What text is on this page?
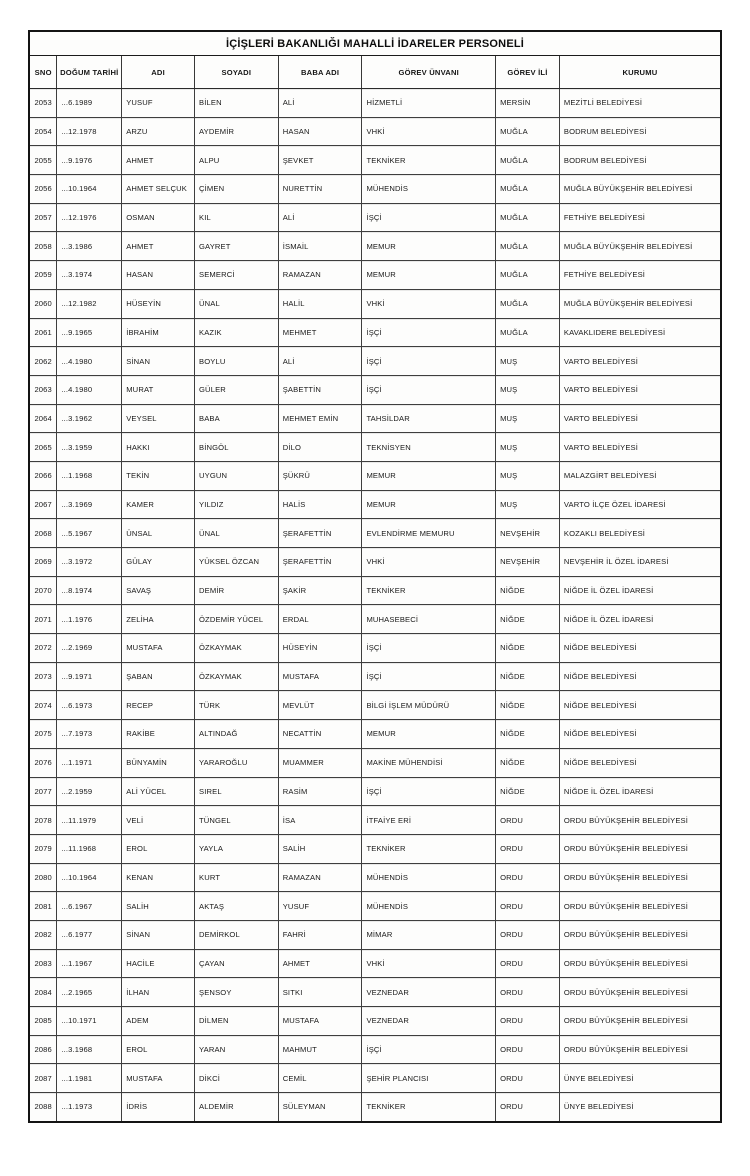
İÇİŞLERİ BAKANLIĞI MAHALLİ İDARELER PERSONELİ							
SNO	DOĞUM TARİHİ	ADI	SOYADI	BABA ADI	GÖREV ÜNVANI	GÖREV İLİ	KURUMU
2053	...6.1989	YUSUF	BİLEN	ALİ	HİZMETLİ	MERSİN	MEZİTLİ BELEDİYESİ
2054	...12.1978	ARZU	AYDEMİR	HASAN	VHKİ	MUĞLA	BODRUM BELEDİYESİ
2055	...9.1976	AHMET	ALPU	ŞEVKET	TEKNİKER	MUĞLA	BODRUM BELEDİYESİ
2056	...10.1964	AHMET SELÇUK	ÇİMEN	NURETTİN	MÜHENDİS	MUĞLA	MUĞLA BÜYÜKŞEHİR BELEDİYESİ
2057	...12.1976	OSMAN	KIL	ALİ	İŞÇİ	MUĞLA	FETHİYE BELEDİYESİ
2058	...3.1986	AHMET	GAYRET	İSMAİL	MEMUR	MUĞLA	MUĞLA BÜYÜKŞEHİR BELEDİYESİ
2059	...3.1974	HASAN	SEMERCİ	RAMAZAN	MEMUR	MUĞLA	FETHİYE BELEDİYESİ
2060	...12.1982	HÜSEYİN	ÜNAL	HALİL	VHKİ	MUĞLA	MUĞLA BÜYÜKŞEHİR BELEDİYESİ
2061	...9.1965	İBRAHİM	KAZIK	MEHMET	İŞÇİ	MUĞLA	KAVAKLIDERE BELEDİYESİ
2062	...4.1980	SİNAN	BOYLU	ALİ	İŞÇİ	MUŞ	VARTO BELEDİYESİ
2063	...4.1980	MURAT	GÜLER	ŞABETTİN	İŞÇİ	MUŞ	VARTO BELEDİYESİ
2064	...3.1962	VEYSEL	BABA	MEHMET EMİN	TAHSİLDAR	MUŞ	VARTO BELEDİYESİ
2065	...3.1959	HAKKI	BİNGÖL	DİLO	TEKNİSYEN	MUŞ	VARTO BELEDİYESİ
2066	...1.1968	TEKİN	UYGUN	ŞÜKRÜ	MEMUR	MUŞ	MALAZGİRT BELEDİYESİ
2067	...3.1969	KAMER	YILDIZ	HALİS	MEMUR	MUŞ	VARTO İLÇE ÖZEL İDARESİ
2068	...5.1967	ÜNSAL	ÜNAL	ŞERAFETTİN	EVLENDİRME MEMURU	NEVŞEHİR	KOZAKLI BELEDİYESİ
2069	...3.1972	GÜLAY	YÜKSEL ÖZCAN	ŞERAFETTİN	VHKİ	NEVŞEHİR	NEVŞEHİR İL ÖZEL İDARESİ
2070	...8.1974	SAVAŞ	DEMİR	ŞAKİR	TEKNİKER	NİĞDE	NİĞDE İL ÖZEL İDARESİ
2071	...1.1976	ZELİHA	ÖZDEMİR YÜCEL	ERDAL	MUHASEBECİ	NİĞDE	NİĞDE İL ÖZEL İDARESİ
2072	...2.1969	MUSTAFA	ÖZKAYMAK	HÜSEYİN	İŞÇİ	NİĞDE	NİĞDE BELEDİYESİ
2073	...9.1971	ŞABAN	ÖZKAYMAK	MUSTAFA	İŞÇİ	NİĞDE	NİĞDE BELEDİYESİ
2074	...6.1973	RECEP	TÜRK	MEVLÜT	BİLGİ İŞLEM MÜDÜRÜ	NİĞDE	NİĞDE BELEDİYESİ
2075	...7.1973	RAKİBE	ALTINDAĞ	NECATTİN	MEMUR	NİĞDE	NİĞDE BELEDİYESİ
2076	...1.1971	BÜNYAMİN	YARAROĞLU	MUAMMER	MAKİNE MÜHENDİSİ	NİĞDE	NİĞDE BELEDİYESİ
2077	...2.1959	ALİ YÜCEL	SIREL	RASİM	İŞÇİ	NİĞDE	NİĞDE İL ÖZEL İDARESİ
2078	...11.1979	VELİ	TÜNGEL	İSA	İTFAİYE ERİ	ORDU	ORDU BÜYÜKŞEHİR BELEDİYESİ
2079	...11.1968	EROL	YAYLA	SALİH	TEKNİKER	ORDU	ORDU BÜYÜKŞEHİR BELEDİYESİ
2080	...10.1964	KENAN	KURT	RAMAZAN	MÜHENDİS	ORDU	ORDU BÜYÜKŞEHİR BELEDİYESİ
2081	...6.1967	SALİH	AKTAŞ	YUSUF	MÜHENDİS	ORDU	ORDU BÜYÜKŞEHİR BELEDİYESİ
2082	...6.1977	SİNAN	DEMİRKOL	FAHRİ	MİMAR	ORDU	ORDU BÜYÜKŞEHİR BELEDİYESİ
2083	...1.1967	HACİLE	ÇAYAN	AHMET	VHKİ	ORDU	ORDU BÜYÜKŞEHİR BELEDİYESİ
2084	...2.1965	İLHAN	ŞENSOY	SITKI	VEZNEDAR	ORDU	ORDU BÜYÜKŞEHİR BELEDİYESİ
2085	...10.1971	ADEM	DİLMEN	MUSTAFA	VEZNEDAR	ORDU	ORDU BÜYÜKŞEHİR BELEDİYESİ
2086	...3.1968	EROL	YARAN	MAHMUT	İŞÇİ	ORDU	ORDU BÜYÜKŞEHİR BELEDİYESİ
2087	...1.1981	MUSTAFA	DİKCİ	CEMİL	ŞEHİR PLANCISI	ORDU	ÜNYE BELEDİYESİ
2088	...1.1973	İDRİS	ALDEMİR	SÜLEYMAN	TEKNİKER	ORDU	ÜNYE BELEDİYESİ
